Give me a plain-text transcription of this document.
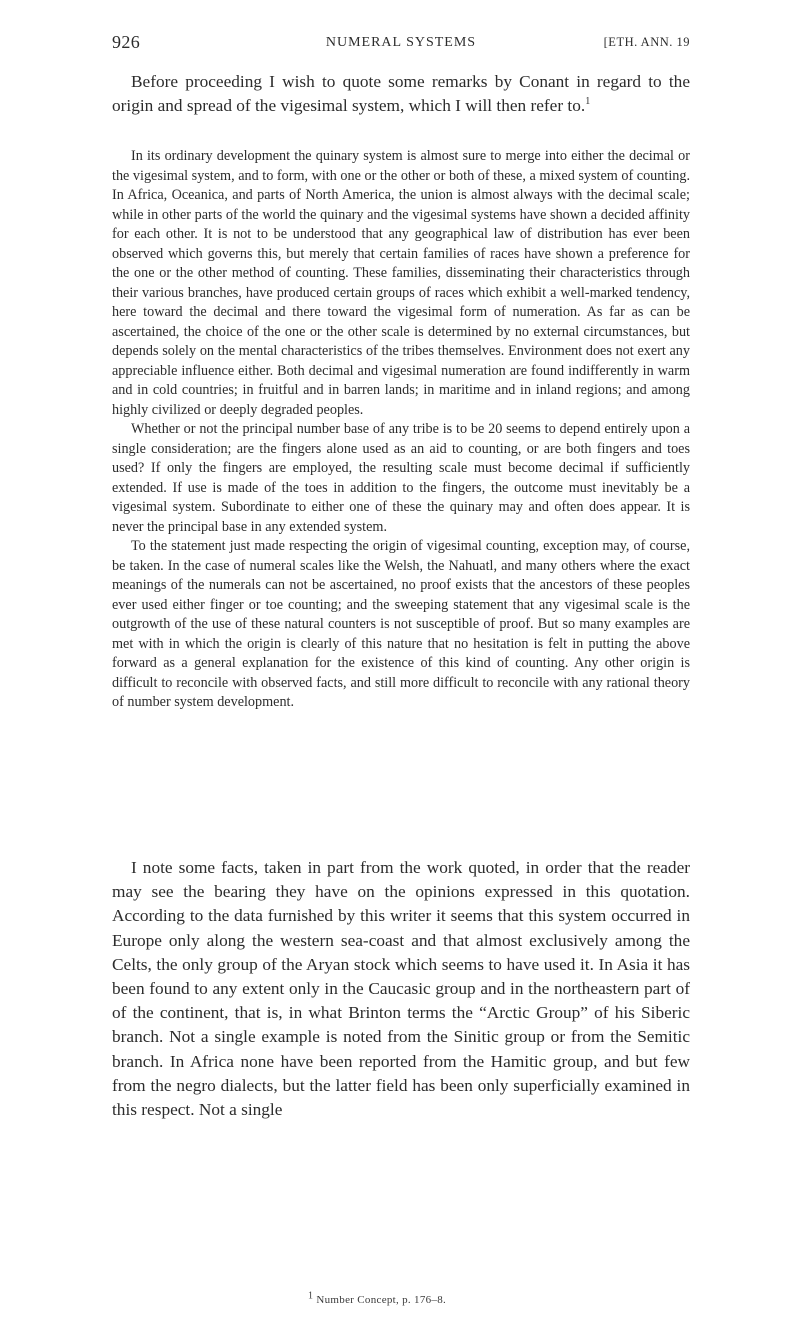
926	NUMERAL SYSTEMS	[ETH. ANN. 19

Before proceeding I wish to quote some remarks by Conant in regard to the origin and spread of the vigesimal system, which I will then refer to.$^1$

In its ordinary development the quinary system is almost sure to merge into either the decimal or the vigesimal system, and to form, with one or the other or both of these, a mixed system of counting. In Africa, Oceanica, and parts of North America, the union is almost always with the decimal scale; while in other parts of the world the quinary and the vigesimal systems have shown a decided affinity for each other. It is not to be understood that any geographical law of distribution has ever been observed which governs this, but merely that certain families of races have shown a preference for the one or the other method of counting. These families, disseminating their characteristics through their various branches, have produced certain groups of races which exhibit a well-marked tendency, here toward the decimal and there toward the vigesimal form of numeration. As far as can be ascertained, the choice of the one or the other scale is determined by no external circumstances, but depends solely on the mental characteristics of the tribes themselves. Environment does not exert any appreciable influence either. Both decimal and vigesimal numeration are found indifferently in warm and in cold countries; in fruitful and in barren lands; in maritime and in inland regions; and among highly civilized or deeply degraded peoples.

Whether or not the principal number base of any tribe is to be 20 seems to depend entirely upon a single consideration; are the fingers alone used as an aid to counting, or are both fingers and toes used? If only the fingers are employed, the resulting scale must become decimal if sufficiently extended. If use is made of the toes in addition to the fingers, the outcome must inevitably be a vigesimal system. Subordinate to either one of these the quinary may and often does appear. It is never the principal base in any extended system.

To the statement just made respecting the origin of vigesimal counting, exception may, of course, be taken. In the case of numeral scales like the Welsh, the Nahuatl, and many others where the exact meanings of the numerals can not be ascertained, no proof exists that the ancestors of these peoples ever used either finger or toe counting; and the sweeping statement that any vigesimal scale is the outgrowth of the use of these natural counters is not susceptible of proof. But so many examples are met with in which the origin is clearly of this nature that no hesitation is felt in putting the above forward as a general explanation for the existence of this kind of counting. Any other origin is difficult to reconcile with observed facts, and still more difficult to reconcile with any rational theory of number system development.

I note some facts, taken in part from the work quoted, in order that the reader may see the bearing they have on the opinions expressed in this quotation. According to the data furnished by this writer it seems that this system occurred in Europe only along the western sea-coast and that almost exclusively among the Celts, the only group of the Aryan stock which seems to have used it. In Asia it has been found to any extent only in the Caucasic group and in the northeastern part of of the continent, that is, in what Brinton terms the “Arctic Group” of his Siberic branch. Not a single example is noted from the Sinitic group or from the Semitic branch. In Africa none have been reported from the Hamitic group, and but few from the negro dialects, but the latter field has been only superficially examined in this respect. Not a single

$^1$ Number Concept, p. 176–8.
